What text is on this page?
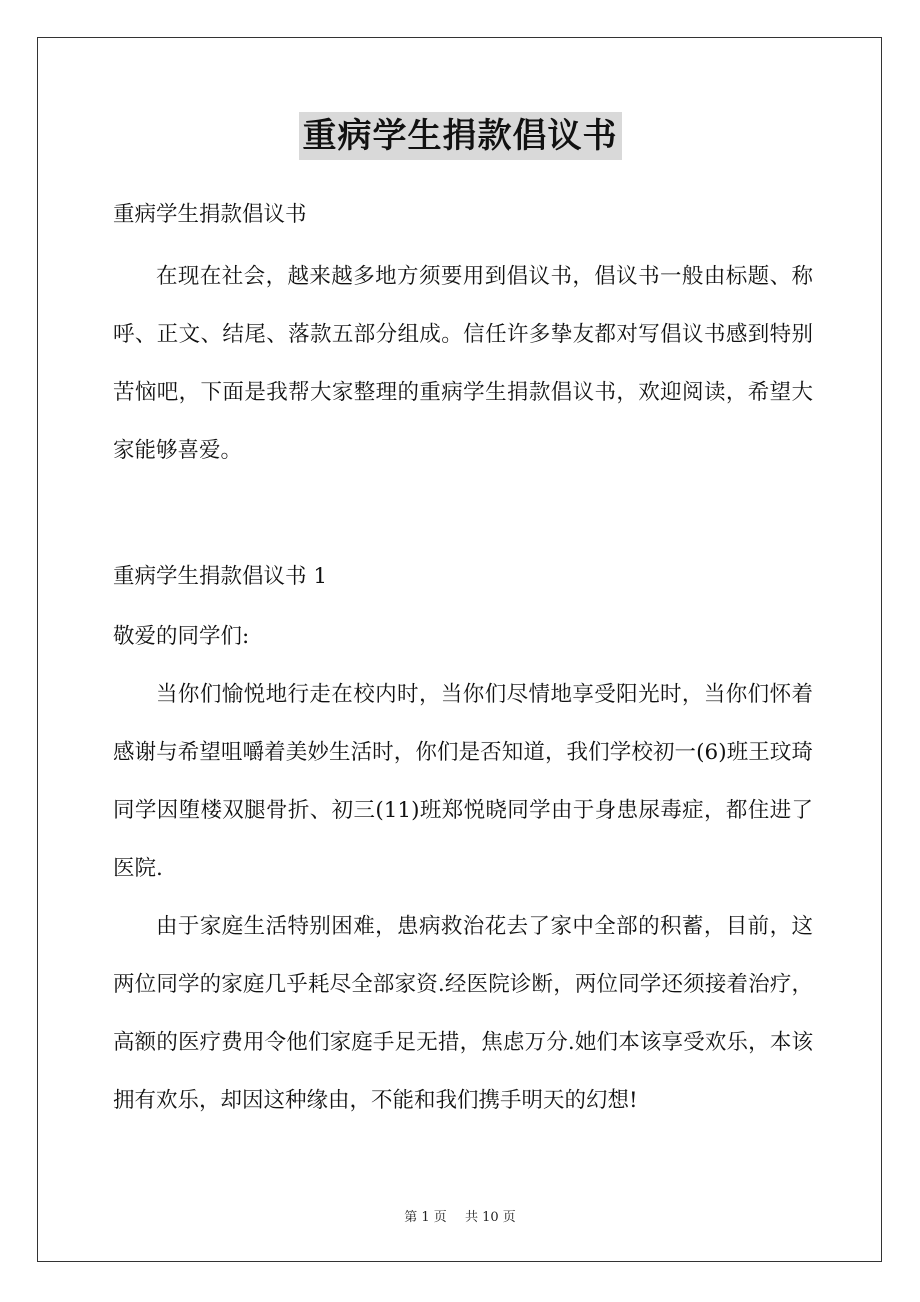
重病学生捐款倡议书
重病学生捐款倡议书

在现在社会，越来越多地方须要用到倡议书，倡议书一般由标题、称呼、正文、结尾、落款五部分组成。信任许多挚友都对写倡议书感到特别苦恼吧，下面是我帮大家整理的重病学生捐款倡议书，欢迎阅读，希望大家能够喜爱。

重病学生捐款倡议书 1
敬爱的同学们:

当你们愉悦地行走在校内时，当你们尽情地享受阳光时，当你们怀着感谢与希望咀嚼着美妙生活时，你们是否知道，我们学校初一(6)班王玟琦同学因堕楼双腿骨折、初三(11)班郑悦晓同学由于身患尿毒症，都住进了医院.

由于家庭生活特别困难，患病救治花去了家中全部的积蓄，目前，这两位同学的家庭几乎耗尽全部家资.经医院诊断，两位同学还须接着治疗，高额的医疗费用令他们家庭手足无措，焦虑万分.她们本该享受欢乐，本该拥有欢乐，却因这种缘由，不能和我们携手明天的幻想!

第 1 页 共 10 页
